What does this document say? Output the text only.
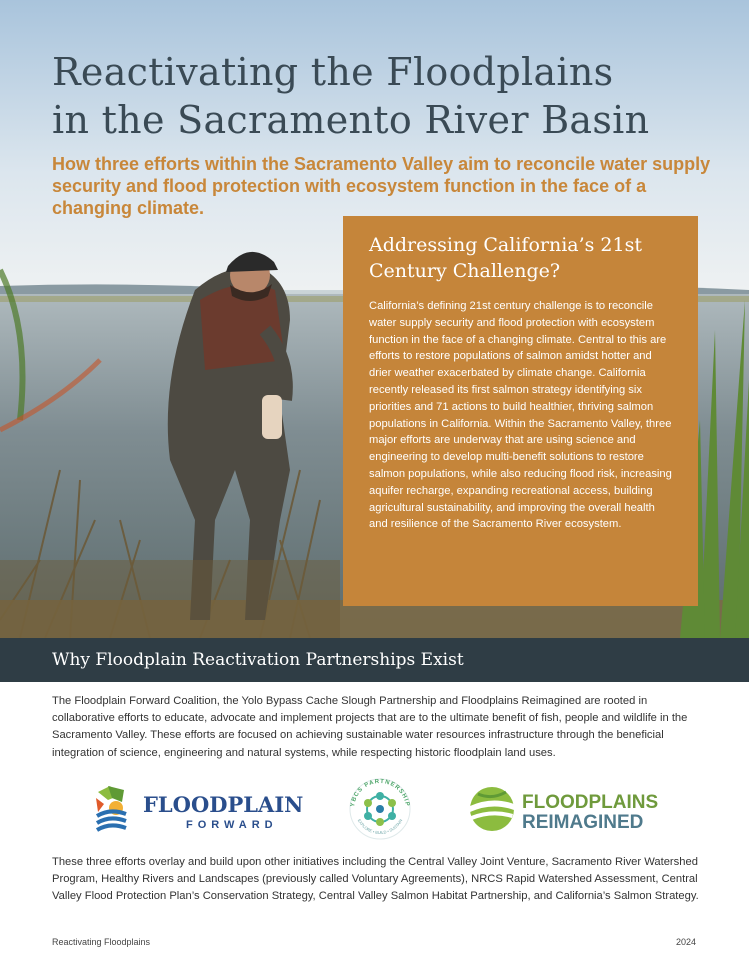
Reactivating the Floodplains
in the Sacramento River Basin

How three efforts within the Sacramento Valley aim to reconcile water supply security and flood protection with ecosystem function in the face of a changing climate.

Addressing California’s 21st Century Challenge?

California’s defining 21st century challenge is to reconcile water supply security and flood protection with ecosystem function in the face of a changing climate. Central to this are efforts to restore populations of salmon amidst hotter and drier weather exacerbated by climate change. California recently released its first salmon strategy identifying six priorities and 71 actions to build healthier, thriving salmon populations in California. Within the Sacramento Valley, three major efforts are underway that are using science and engineering to develop multi-benefit solutions to restore salmon populations, while also reducing flood risk, increasing aquifer recharge, expanding recreational access, building agricultural sustainability, and improving the overall health and resilience of the Sacramento River ecosystem.

Why Floodplain Reactivation Partnerships Exist

The Floodplain Forward Coalition, the Yolo Bypass Cache Slough Partnership and Floodplains Reimagined are rooted in collaborative efforts to educate, advocate and implement projects that are to the ultimate benefit of fish, people and wildlife in the Sacramento Valley. These efforts are focused on achieving sustainable water resources infrastructure through the beneficial integration of science, engineering and natural systems, while respecting historic floodplain land uses.

FLOODPLAIN
FORWARD
YBCS PARTNERSHIP
EXPLORE • BUILD • SUSTAIN
FLOODPLAINS
REIMAGINED

These three efforts overlay and build upon other initiatives including the Central Valley Joint Venture, Sacramento River Watershed Program, Healthy Rivers and Landscapes (previously called Voluntary Agreements), NRCS Rapid Watershed Assessment, Central Valley Flood Protection Plan’s Conservation Strategy, Central Valley Salmon Habitat Partnership, and California’s Salmon Strategy.

Reactivating Floodplains	2024
